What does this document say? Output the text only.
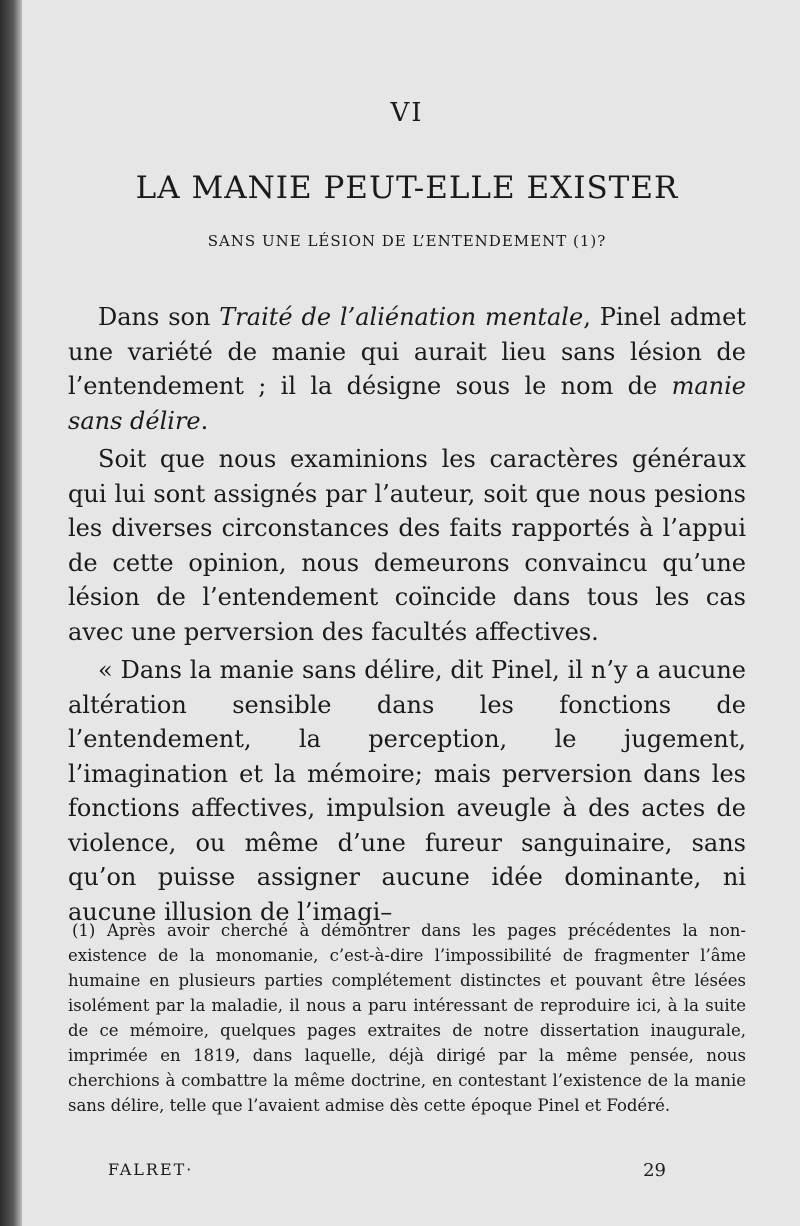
VI
LA MANIE PEUT-ELLE EXISTER
SANS UNE LÉSION DE L’ENTENDEMENT (1)?

Dans son Traité de l’aliénation mentale, Pinel admet une variété de manie qui aurait lieu sans lésion de l’entendement ; il la désigne sous le nom de manie sans délire.

Soit que nous examinions les caractères généraux qui lui sont assignés par l’auteur, soit que nous pesions les diverses circonstances des faits rapportés à l’appui de cette opinion, nous demeurons convaincu qu’une lésion de l’entendement coïncide dans tous les cas avec une perversion des facultés affectives.

« Dans la manie sans délire, dit Pinel, il n’y a aucune altération sensible dans les fonctions de l’entendement, la perception, le jugement, l’imagination et la mémoire; mais perversion dans les fonctions affectives, impulsion aveugle à des actes de violence, ou même d’une fureur sanguinaire, sans qu’on puisse assigner aucune idée dominante, ni aucune illusion de l’imagi–

(1) Après avoir cherché à démontrer dans les pages précédentes la non-existence de la monomanie, c’est-à-dire l’impossibilité de fragmenter l’âme humaine en plusieurs parties complétement distinctes et pouvant être lésées isolément par la maladie, il nous a paru intéressant de reproduire ici, à la suite de ce mémoire, quelques pages extraites de notre dissertation inaugurale, imprimée en 1819, dans laquelle, déjà dirigé par la même pensée, nous cherchions à combattre la même doctrine, en contestant l’existence de la manie sans délire, telle que l’avaient admise dès cette époque Pinel et Fodéré.

FALRET·	29
